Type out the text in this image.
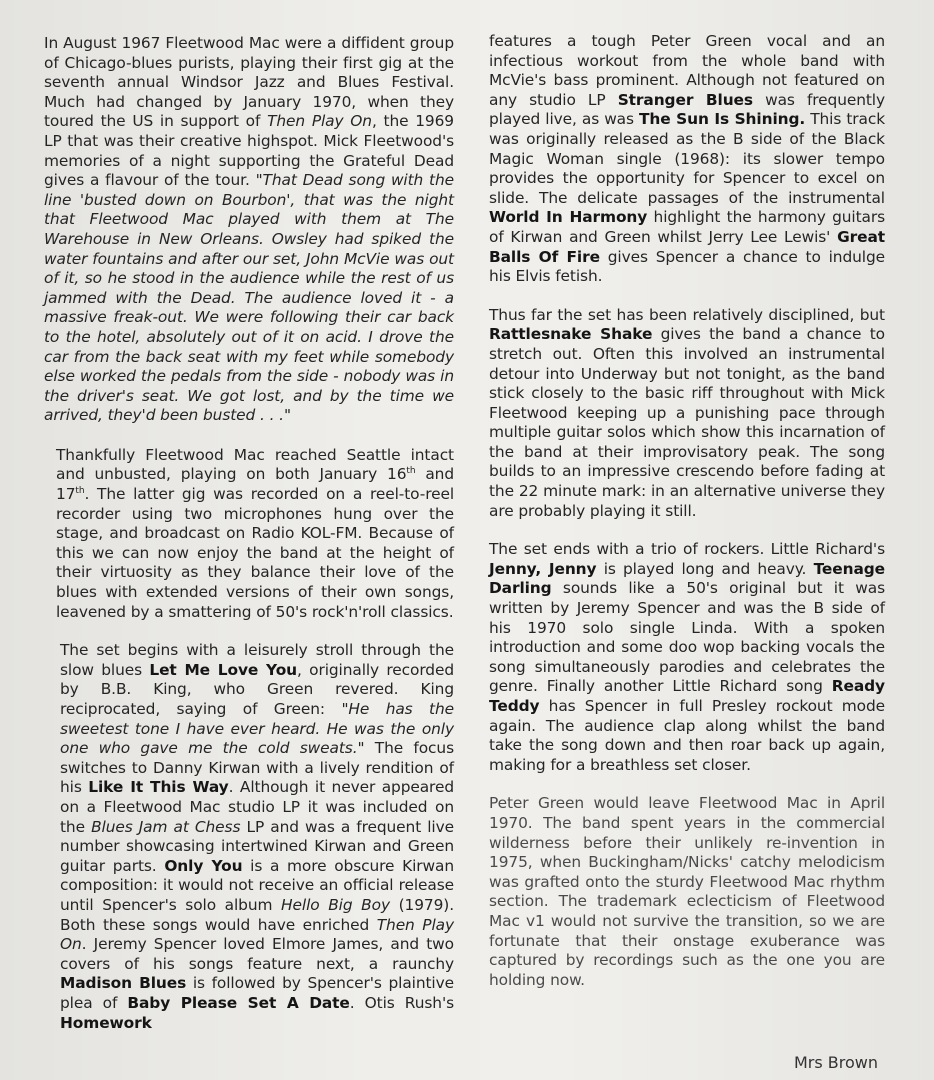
In August 1967 Fleetwood Mac were a diffident group of Chicago-blues purists, playing their first gig at the seventh annual Windsor Jazz and Blues Festival. Much had changed by January 1970, when they toured the US in support of Then Play On, the 1969 LP that was their creative highspot. Mick Fleetwood's memories of a night supporting the Grateful Dead gives a flavour of the tour. "That Dead song with the line 'busted down on Bourbon', that was the night that Fleetwood Mac played with them at The Warehouse in New Orleans. Owsley had spiked the water fountains and after our set, John McVie was out of it, so he stood in the audience while the rest of us jammed with the Dead. The audience loved it - a massive freak-out. We were following their car back to the hotel, absolutely out of it on acid. I drove the car from the back seat with my feet while somebody else worked the pedals from the side - nobody was in the driver's seat. We got lost, and by the time we arrived, they'd been busted . . ."

Thankfully Fleetwood Mac reached Seattle intact and unbusted, playing on both January 16th and 17th. The latter gig was recorded on a reel-to-reel recorder using two microphones hung over the stage, and broadcast on Radio KOL-FM. Because of this we can now enjoy the band at the height of their virtuosity as they balance their love of the blues with extended versions of their own songs, leavened by a smattering of 50's rock'n'roll classics.

The set begins with a leisurely stroll through the slow blues Let Me Love You, originally recorded by B.B. King, who Green revered. King reciprocated, saying of Green: "He has the sweetest tone I have ever heard. He was the only one who gave me the cold sweats." The focus switches to Danny Kirwan with a lively rendition of his Like It This Way. Although it never appeared on a Fleetwood Mac studio LP it was included on the Blues Jam at Chess LP and was a frequent live number showcasing intertwined Kirwan and Green guitar parts. Only You is a more obscure Kirwan composition: it would not receive an official release until Spencer's solo album Hello Big Boy (1979). Both these songs would have enriched Then Play On. Jeremy Spencer loved Elmore James, and two covers of his songs feature next, a raunchy Madison Blues is followed by Spencer's plaintive plea of Baby Please Set A Date. Otis Rush's Homework

features a tough Peter Green vocal and an infectious workout from the whole band with McVie's bass prominent. Although not featured on any studio LP Stranger Blues was frequently played live, as was The Sun Is Shining. This track was originally released as the B side of the Black Magic Woman single (1968): its slower tempo provides the opportunity for Spencer to excel on slide. The delicate passages of the instrumental World In Harmony highlight the harmony guitars of Kirwan and Green whilst Jerry Lee Lewis' Great Balls Of Fire gives Spencer a chance to indulge his Elvis fetish.

Thus far the set has been relatively disciplined, but Rattlesnake Shake gives the band a chance to stretch out. Often this involved an instrumental detour into Underway but not tonight, as the band stick closely to the basic riff throughout with Mick Fleetwood keeping up a punishing pace through multiple guitar solos which show this incarnation of the band at their improvisatory peak. The song builds to an impressive crescendo before fading at the 22 minute mark: in an alternative universe they are probably playing it still.

The set ends with a trio of rockers. Little Richard's Jenny, Jenny is played long and heavy. Teenage Darling sounds like a 50's original but it was written by Jeremy Spencer and was the B side of his 1970 solo single Linda. With a spoken introduction and some doo wop backing vocals the song simultaneously parodies and celebrates the genre. Finally another Little Richard song Ready Teddy has Spencer in full Presley rockout mode again. The audience clap along whilst the band take the song down and then roar back up again, making for a breathless set closer.

Peter Green would leave Fleetwood Mac in April 1970. The band spent years in the commercial wilderness before their unlikely re-invention in 1975, when Buckingham/Nicks' catchy melodicism was grafted onto the sturdy Fleetwood Mac rhythm section. The trademark eclecticism of Fleetwood Mac v1 would not survive the transition, so we are fortunate that their onstage exuberance was captured by recordings such as the one you are holding now.

Mrs Brown
